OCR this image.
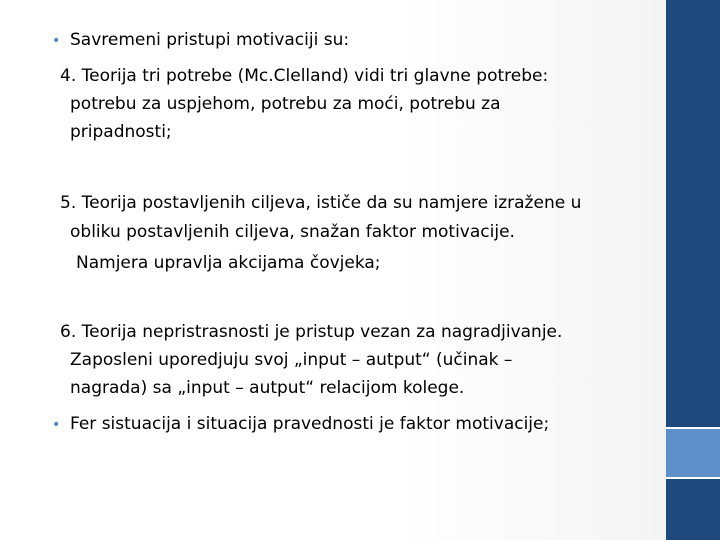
• Savremeni pristupi motivaciji su:
4. Teorija tri potrebe (Mc.Clelland) vidi tri glavne potrebe:
potrebu za uspjehom, potrebu za moći, potrebu za
pripadnosti;
5. Teorija postavljenih ciljeva, ističe da su namjere izražene u
obliku postavljenih ciljeva, snažan faktor motivacije.
Namjera upravlja akcijama čovjeka;
6. Teorija nepristrasnosti je pristup vezan za nagradjivanje.
Zaposleni uporedjuju svoj „input – autput“ (učinak –
nagrada) sa „input – autput“ relacijom kolege.
• Fer sistuacija i situacija pravednosti je faktor motivacije;
